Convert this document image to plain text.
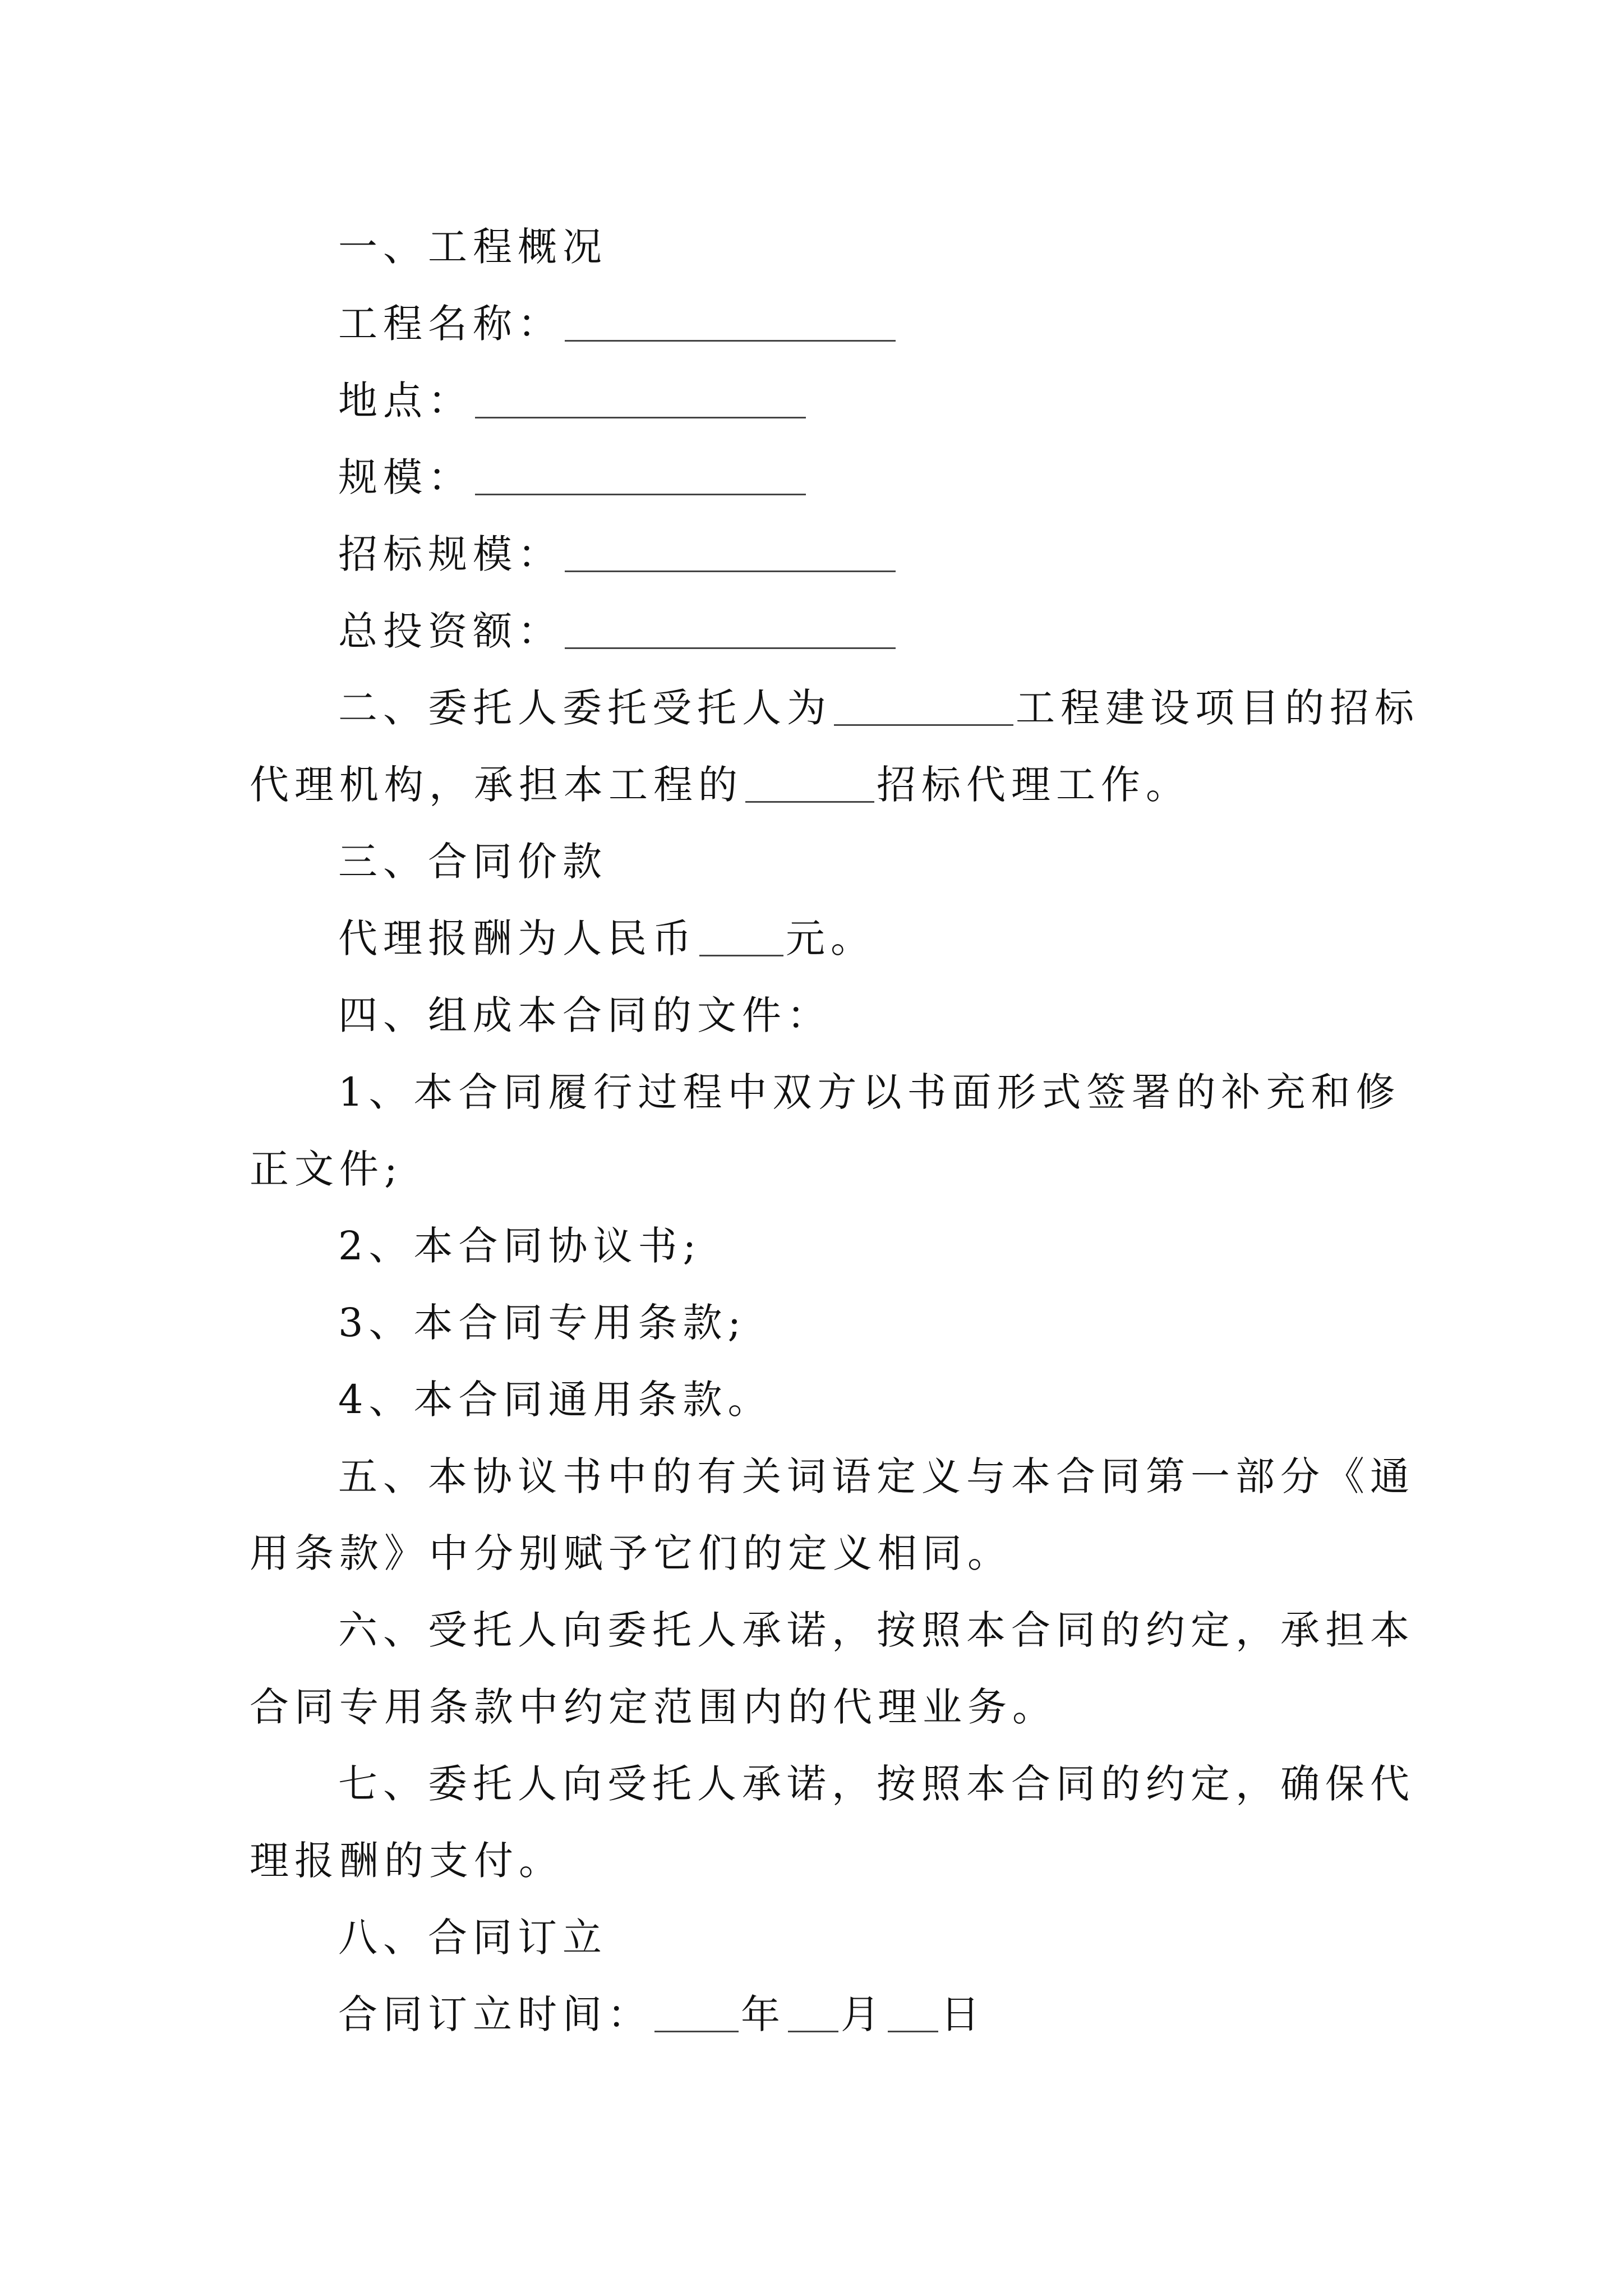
一、工程概况
工程名称：
地点：
规模：
招标规模：
总投资额：
二、委托人委托受托人为	工程建设项目的招标
代理机构，承担本工程的	招标代理工作。
三、合同价款
代理报酬为人民币 元。
四、组成本合同的文件：
1、本合同履行过程中双方以书面形式签署的补充和修
正文件;
2、本合同协议书;
3、本合同专用条款;
4、本合同通用条款。
五、本协议书中的有关词语定义与本合同第一部分《通
用条款》中分别赋予它们的定义相同。
六、受托人向委托人承诺，按照本合同的约定，承担本
合同专用条款中约定范围内的代理业务。
七、委托人向受托人承诺，按照本合同的约定，确保代
理报酬的支付。
八、合同订立
合同订立时间： 年 月 日
